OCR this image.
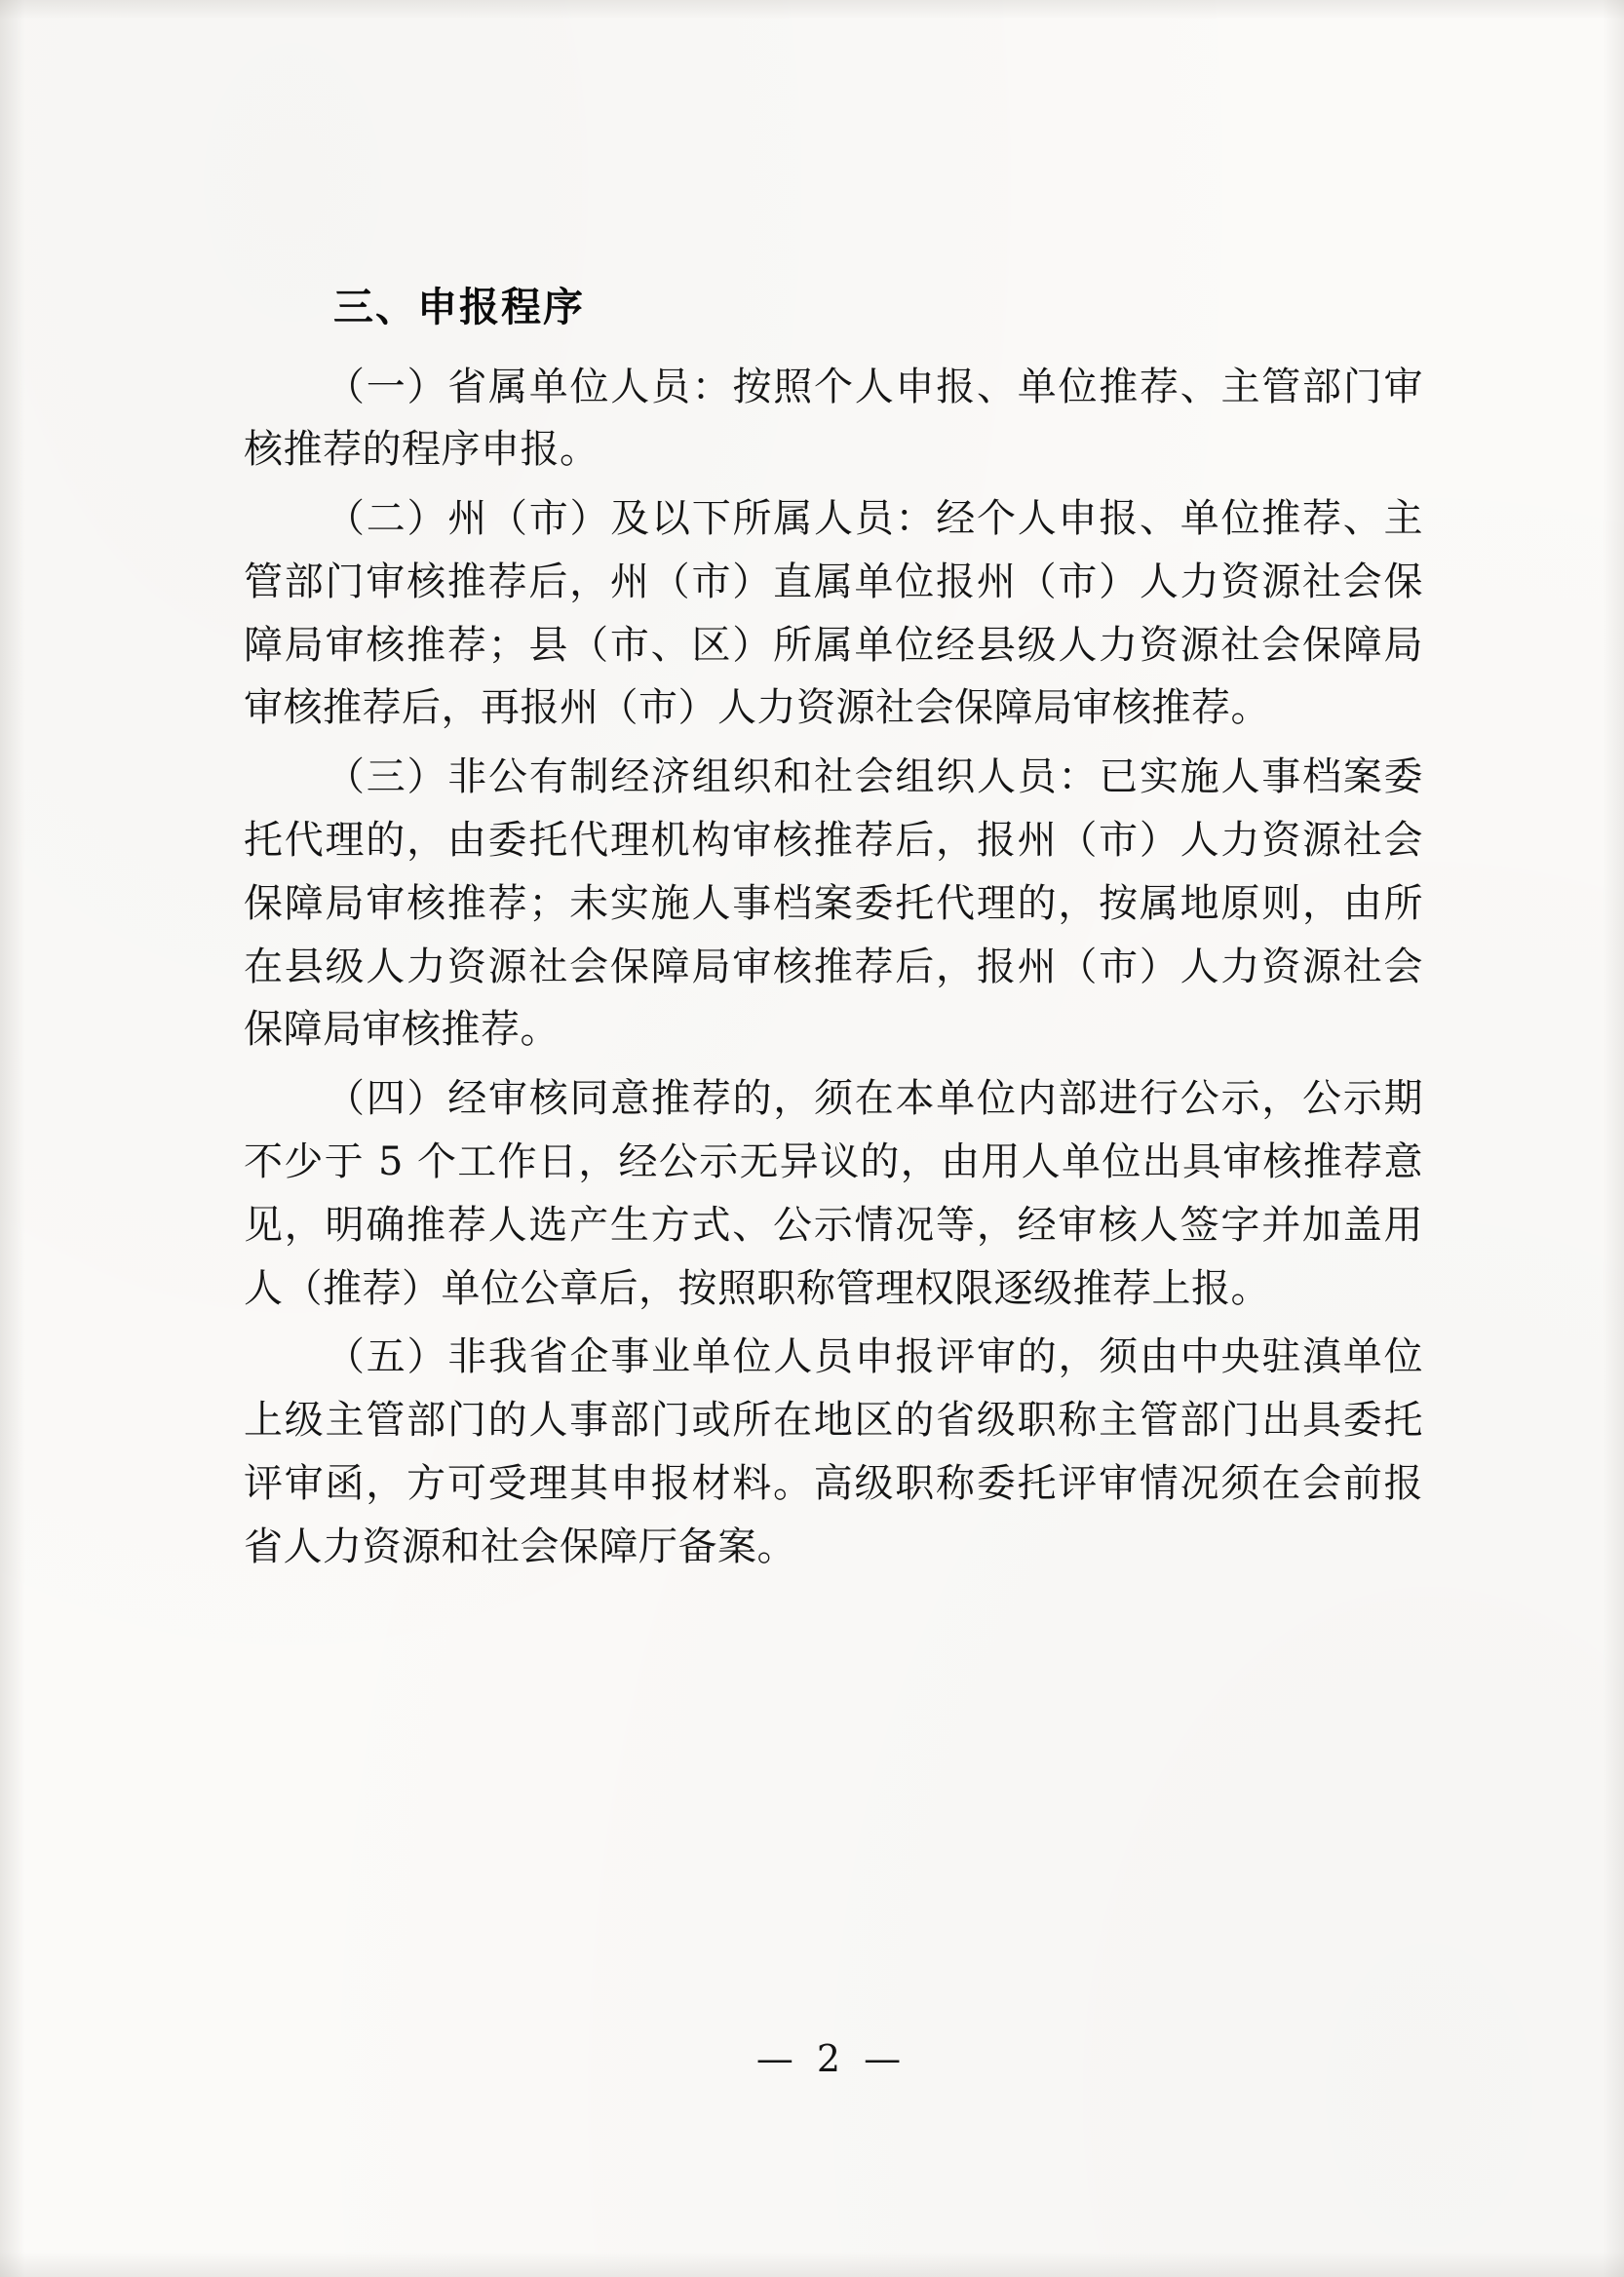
三、申报程序

（一）省属单位人员：按照个人申报、单位推荐、主管部门审核推荐的程序申报。

（二）州（市）及以下所属人员：经个人申报、单位推荐、主管部门审核推荐后，州（市）直属单位报州（市）人力资源社会保障局审核推荐；县（市、区）所属单位经县级人力资源社会保障局审核推荐后，再报州（市）人力资源社会保障局审核推荐。

（三）非公有制经济组织和社会组织人员：已实施人事档案委托代理的，由委托代理机构审核推荐后，报州（市）人力资源社会保障局审核推荐；未实施人事档案委托代理的，按属地原则，由所在县级人力资源社会保障局审核推荐后，报州（市）人力资源社会保障局审核推荐。

（四）经审核同意推荐的，须在本单位内部进行公示，公示期不少于 5 个工作日，经公示无异议的，由用人单位出具审核推荐意见，明确推荐人选产生方式、公示情况等，经审核人签字并加盖用人（推荐）单位公章后，按照职称管理权限逐级推荐上报。

（五）非我省企事业单位人员申报评审的，须由中央驻滇单位上级主管部门的人事部门或所在地区的省级职称主管部门出具委托评审函，方可受理其申报材料。高级职称委托评审情况须在会前报省人力资源和社会保障厅备案。

— 2 —
